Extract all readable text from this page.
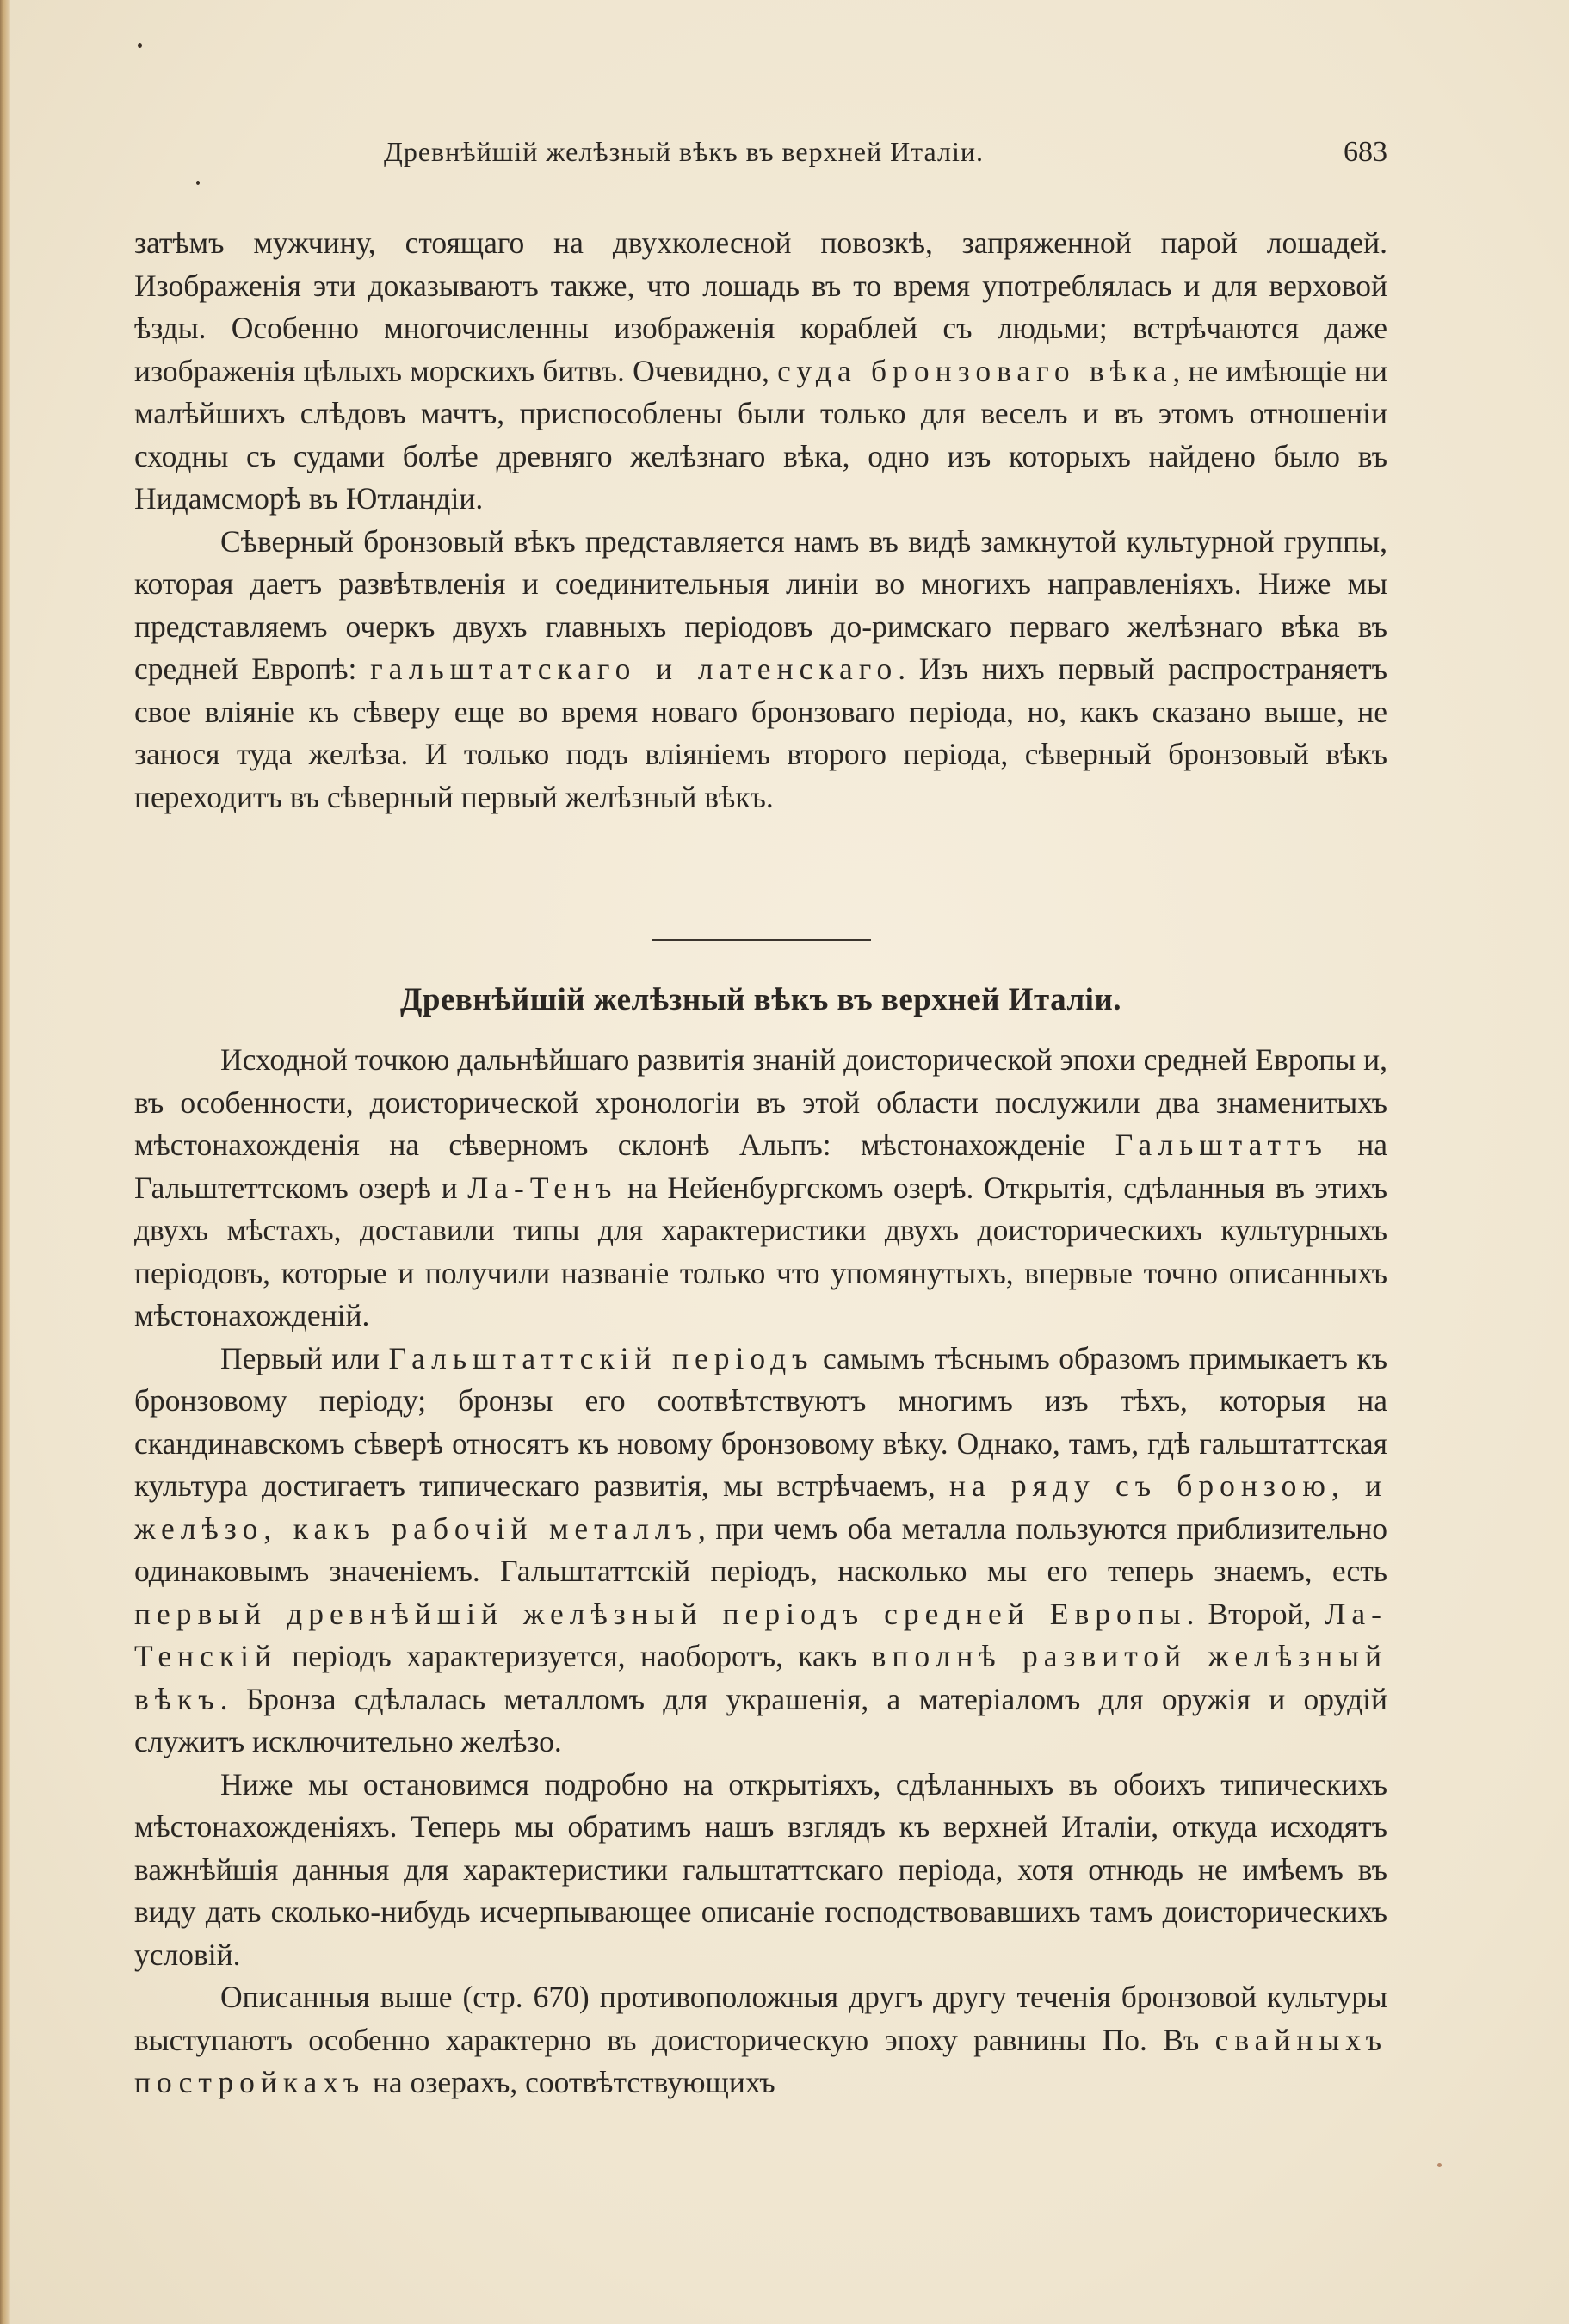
Древнѣйшій желѣзный вѣкъ въ верхней Италіи.	683

затѣмъ мужчину, стоящаго на двухколесной повозкѣ, запряженной парой лошадей. Изображенія эти доказываютъ также, что лошадь въ то время употреблялась и для верховой ѣзды. Особенно многочисленны изображенія кораблей съ людьми; встрѣчаются даже изображенія цѣлыхъ морскихъ битвъ. Очевидно, суда бронзоваго вѣка, не имѣющіе ни малѣйшихъ слѣдовъ мачтъ, приспособлены были только для веселъ и въ этомъ отношеніи сходны съ судами болѣе древняго желѣзнаго вѣка, одно изъ которыхъ найдено было въ Нидамсморѣ въ Ютландіи.

Сѣверный бронзовый вѣкъ представляется намъ въ видѣ замкнутой культурной группы, которая даетъ развѣтвленія и соединительныя линіи во многихъ направленіяхъ. Ниже мы представляемъ очеркъ двухъ главныхъ періодовъ до-римскаго перваго желѣзнаго вѣка въ средней Европѣ: гальштатскаго и латенскаго. Изъ нихъ первый распространяетъ свое вліяніе къ сѣверу еще во время новаго бронзоваго періода, но, какъ сказано выше, не занося туда желѣза. И только подъ вліяніемъ второго періода, сѣверный бронзовый вѣкъ переходитъ въ сѣверный первый желѣзный вѣкъ.

Древнѣйшій желѣзный вѣкъ въ верхней Италіи.

Исходной точкою дальнѣйшаго развитія знаній доисторической эпохи средней Европы и, въ особенности, доисторической хронологіи въ этой области послужили два знаменитыхъ мѣстонахожденія на сѣверномъ склонѣ Альпъ: мѣстонахожденіе Гальштаттъ на Гальштеттскомъ озерѣ и Ла-Тенъ на Нейенбургскомъ озерѣ. Открытія, сдѣланныя въ этихъ двухъ мѣстахъ, доставили типы для характеристики двухъ доисторическихъ культурныхъ періодовъ, которые и получили названіе только что упомянутыхъ, впервые точно описанныхъ мѣстонахожденій.

Первый или Гальштаттскій періодъ самымъ тѣснымъ образомъ примыкаетъ къ бронзовому періоду; бронзы его соотвѣтствуютъ многимъ изъ тѣхъ, которыя на скандинавскомъ сѣверѣ относятъ къ новому бронзовому вѣку. Однако, тамъ, гдѣ гальштаттская культура достигаетъ типическаго развитія, мы встрѣчаемъ, на ряду съ бронзою, и желѣзо, какъ рабочій металлъ, при чемъ оба металла пользуются приблизительно одинаковымъ значеніемъ. Гальштаттскій періодъ, насколько мы его теперь знаемъ, есть первый древнѣйшій желѣзный періодъ средней Европы. Второй, Ла-Тенскій періодъ характеризуется, наоборотъ, какъ вполнѣ развитой желѣзный вѣкъ. Бронза сдѣлалась металломъ для украшенія, а матеріаломъ для оружія и орудій служитъ исключительно желѣзо.

Ниже мы остановимся подробно на открытіяхъ, сдѣланныхъ въ обоихъ типическихъ мѣстонахожденіяхъ. Теперь мы обратимъ нашъ взглядъ къ верхней Италіи, откуда исходятъ важнѣйшія данныя для характеристики гальштаттскаго періода, хотя отнюдь не имѣемъ въ виду дать сколько-нибудь исчерпывающее описаніе господствовавшихъ тамъ доисторическихъ условій.

Описанныя выше (стр. 670) противоположныя другъ другу теченія бронзовой культуры выступаютъ особенно характерно въ доисторическую эпоху равнины По. Въ свайныхъ постройкахъ на озерахъ, соотвѣтствующихъ
